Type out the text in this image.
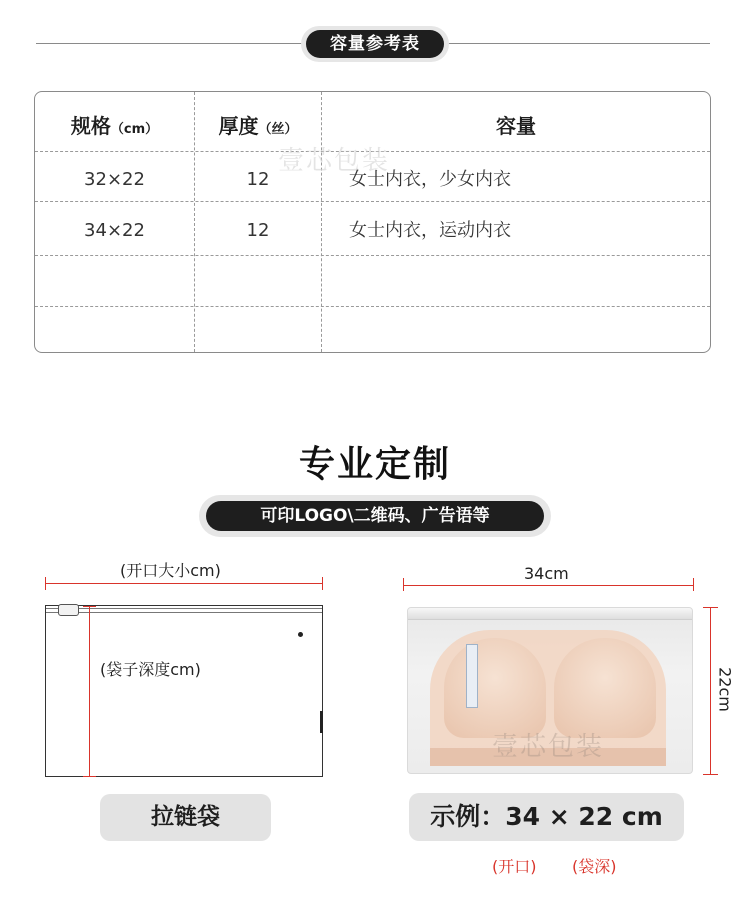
容量参考表
规格（cm）	厚度（丝）	容量
壹芯包装
32×22	12	女士内衣，少女内衣
34×22	12	女士内衣，运动内衣
专业定制
可印LOGO\二维码、广告语等
(开口大小cm)
(袋子深度cm)
拉链袋
34cm
壹芯包装
22cm
示例：34 × 22 cm
(开口) (袋深)
